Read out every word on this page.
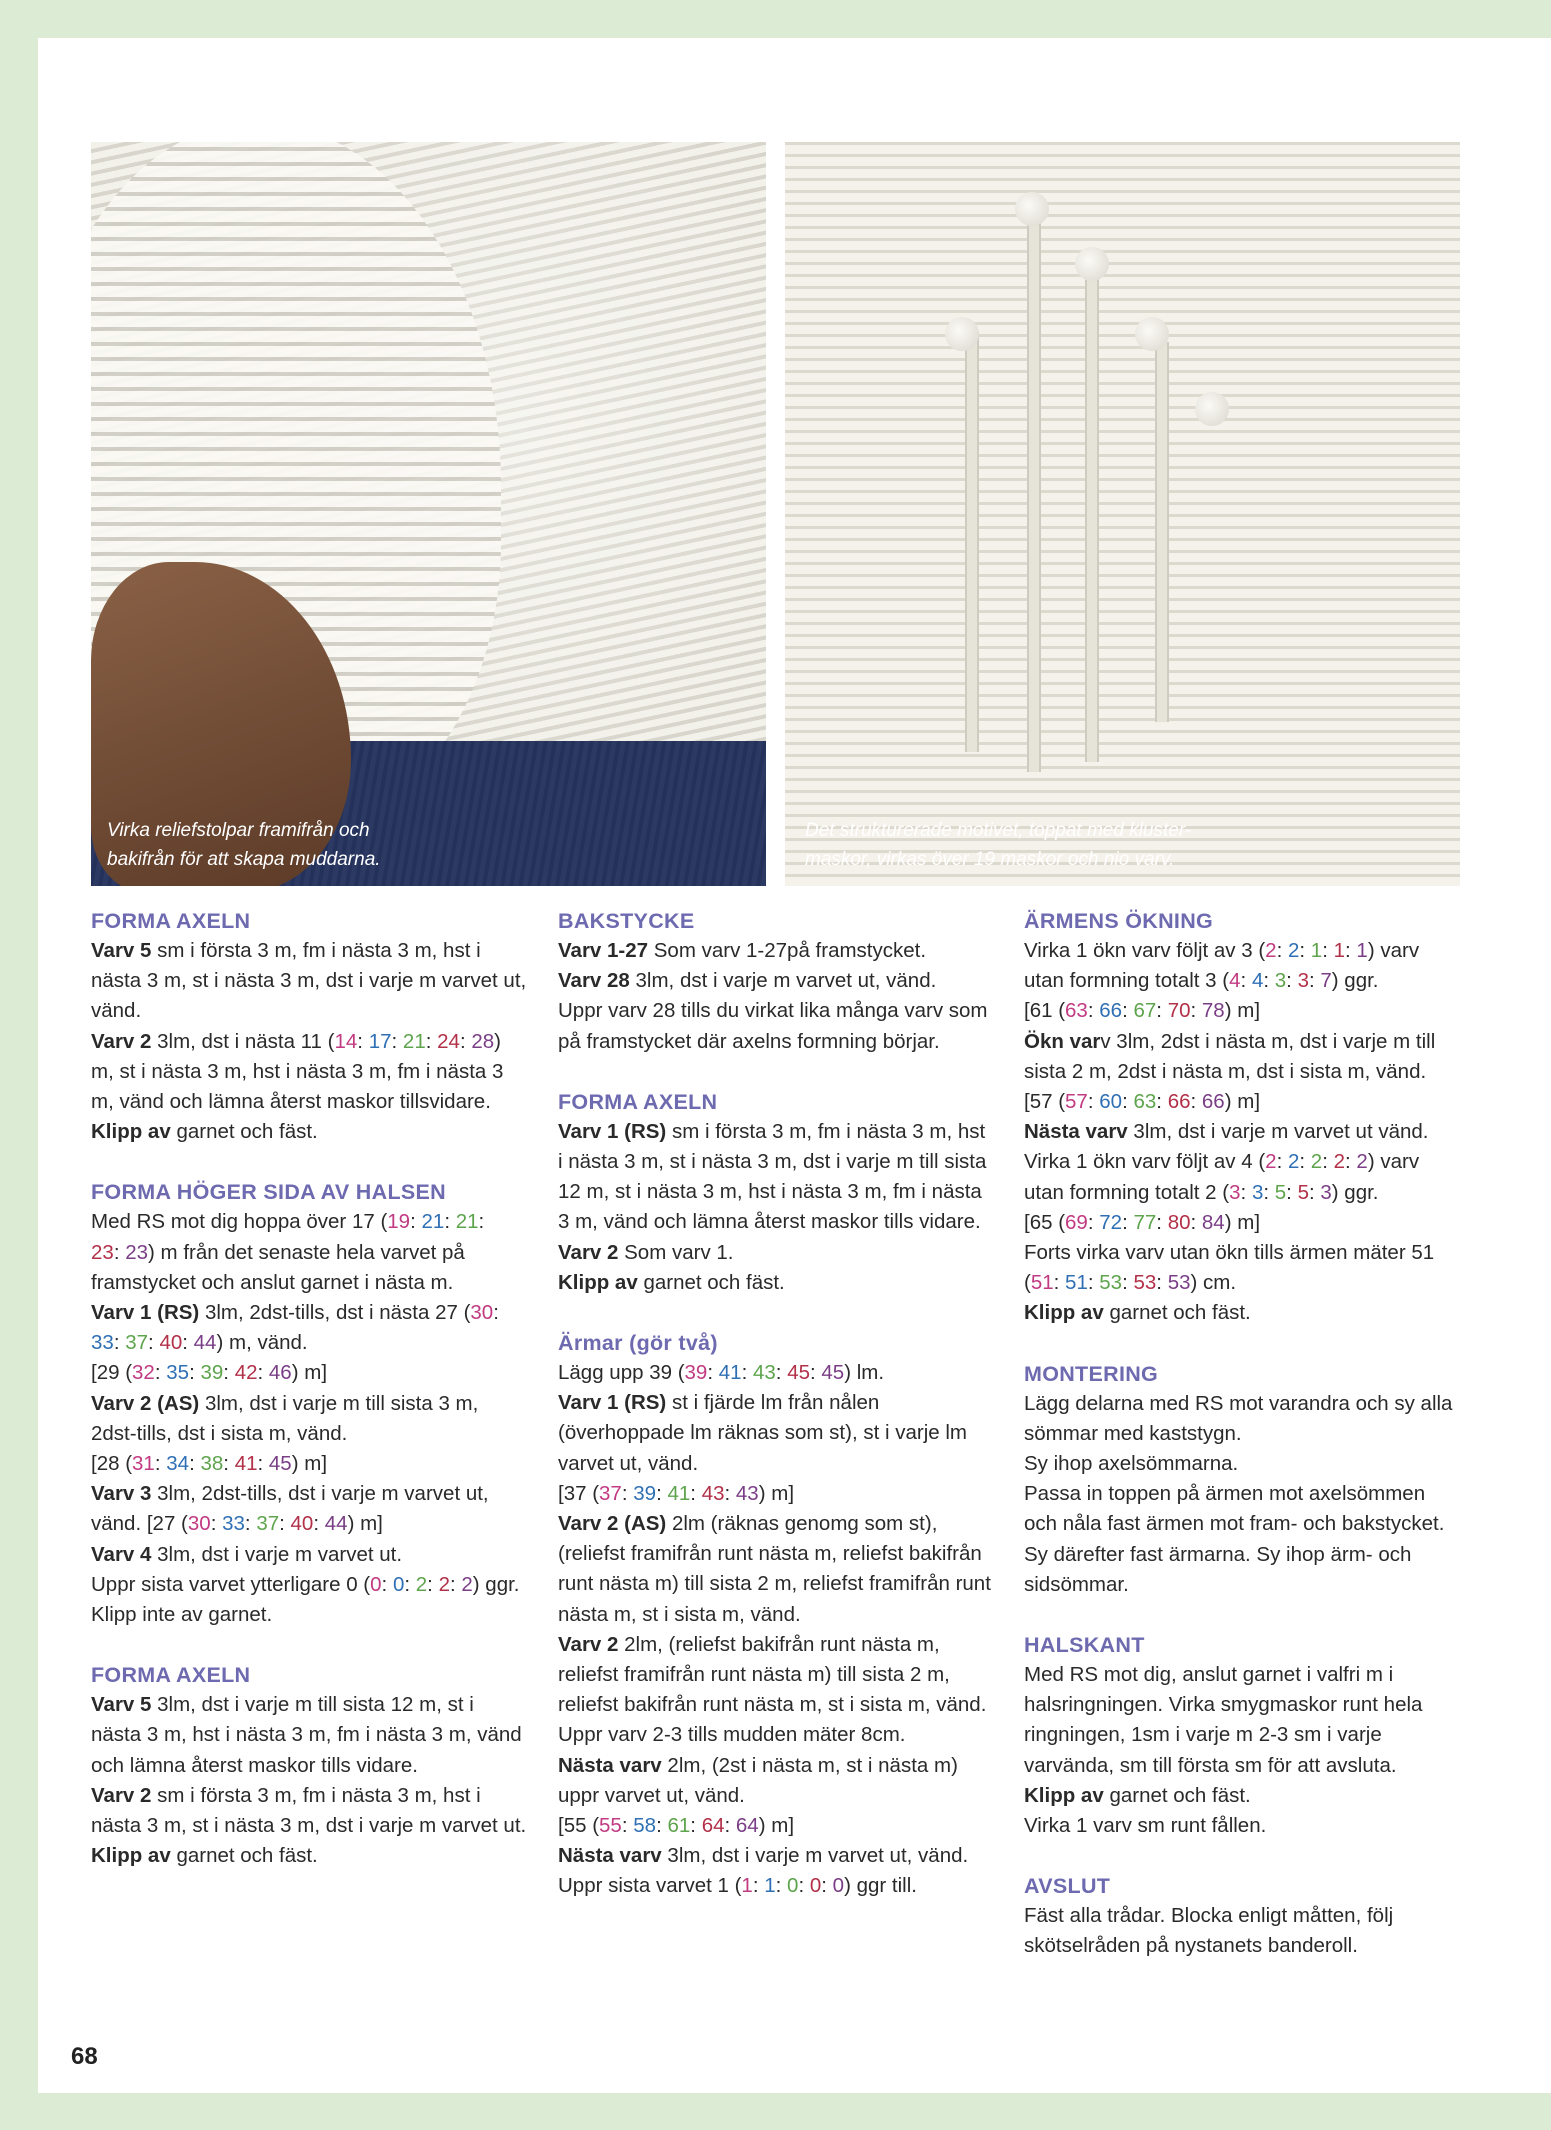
Virka reliefstolpar framifrån och
bakifrån för att skapa muddarna.
Det strukturerade motivet, toppat med kluster-
maskor, virkas över 19 maskor och nio varv.
FORMA AXELN

Varv 5 sm i första 3 m, fm i nästa 3 m, hst i nästa 3 m, st i nästa 3 m, dst i varje m varvet ut, vänd.

Varv 2 3lm, dst i nästa 11 (14: 17: 21: 24: 28) m, st i nästa 3 m, hst i nästa 3 m, fm i nästa 3 m, vänd och lämna återst maskor tillsvidare.

Klipp av garnet och fäst.

FORMA HÖGER SIDA AV HALSEN

Med RS mot dig hoppa över 17 (19: 21: 21:
23: 23) m från det senaste hela varvet på framstycket och anslut garnet i nästa m.

Varv 1 (RS) 3lm, 2dst-tills, dst i nästa 27 (30: 33: 37: 40: 44) m, vänd.

[29 (32: 35: 39: 42: 46) m]

Varv 2 (AS) 3lm, dst i varje m till sista 3 m, 2dst-tills, dst i sista m, vänd.

[28 (31: 34: 38: 41: 45) m]

Varv 3 3lm, 2dst-tills, dst i varje m varvet ut, vänd. [27 (30: 33: 37: 40: 44) m]

Varv 4 3lm, dst i varje m varvet ut.

Uppr sista varvet ytterligare 0 (0: 0: 2: 2: 2) ggr.

Klipp inte av garnet.

FORMA AXELN

Varv 5 3lm, dst i varje m till sista 12 m, st i nästa 3 m, hst i nästa 3 m, fm i nästa 3 m, vänd och lämna återst maskor tills vidare.

Varv 2 sm i första 3 m, fm i nästa 3 m, hst i nästa 3 m, st i nästa 3 m, dst i varje m varvet ut.

Klipp av garnet och fäst.

BAKSTYCKE

Varv 1-27 Som varv 1-27på framstycket.

Varv 28 3lm, dst i varje m varvet ut, vänd.

Uppr varv 28 tills du virkat lika många varv som på framstycket där axelns formning börjar.

FORMA AXELN

Varv 1 (RS) sm i första 3 m, fm i nästa 3 m, hst i nästa 3 m, st i nästa 3 m, dst i varje m till sista 12 m, st i nästa 3 m, hst i nästa 3 m, fm i nästa 3 m, vänd och lämna återst maskor tills vidare.

Varv 2 Som varv 1.

Klipp av garnet och fäst.

Ärmar (gör två)

Lägg upp 39 (39: 41: 43: 45: 45) lm.

Varv 1 (RS) st i fjärde lm från nålen (överhoppade lm räknas som st), st i varje lm varvet ut, vänd.

[37 (37: 39: 41: 43: 43) m]

Varv 2 (AS) 2lm (räknas genomg som st), (reliefst framifrån runt nästa m, reliefst bakifrån runt nästa m) till sista 2 m, reliefst framifrån runt nästa m, st i sista m, vänd.

Varv 2 2lm, (reliefst bakifrån runt nästa m, reliefst framifrån runt nästa m) till sista 2 m, reliefst bakifrån runt nästa m, st i sista m, vänd.

Uppr varv 2-3 tills mudden mäter 8cm.

Nästa varv 2lm, (2st i nästa m, st i nästa m) uppr varvet ut, vänd.

[55 (55: 58: 61: 64: 64) m]

Nästa varv 3lm, dst i varje m varvet ut, vänd.

Uppr sista varvet 1 (1: 1: 0: 0: 0) ggr till.

ÄRMENS ÖKNING

Virka 1 ökn varv följt av 3 (2: 2: 1: 1: 1) varv utan formning totalt 3 (4: 4: 3: 3: 7) ggr.

[61 (63: 66: 67: 70: 78) m]

Ökn varv 3lm, 2dst i nästa m, dst i varje m till sista 2 m, 2dst i nästa m, dst i sista m, vänd.

[57 (57: 60: 63: 66: 66) m]

Nästa varv 3lm, dst i varje m varvet ut vänd.

Virka 1 ökn varv följt av 4 (2: 2: 2: 2: 2) varv utan formning totalt 2 (3: 3: 5: 5: 3) ggr.

[65 (69: 72: 77: 80: 84) m]

Forts virka varv utan ökn tills ärmen mäter 51 (51: 51: 53: 53: 53) cm.

Klipp av garnet och fäst.

MONTERING

Lägg delarna med RS mot varandra och sy alla sömmar med kaststygn.

Sy ihop axelsömmarna.

Passa in toppen på ärmen mot axelsömmen och nåla fast ärmen mot fram- och bakstycket. Sy därefter fast ärmarna. Sy ihop ärm- och sidsömmar.

HALSKANT

Med RS mot dig, anslut garnet i valfri m i halsringningen. Virka smygmaskor runt hela ringningen, 1sm i varje m 2-3 sm i varje varvända, sm till första sm för att avsluta.

Klipp av garnet och fäst.

Virka 1 varv sm runt fållen.

AVSLUT

Fäst alla trådar. Blocka enligt måtten, följ skötselråden på nystanets banderoll.

68
